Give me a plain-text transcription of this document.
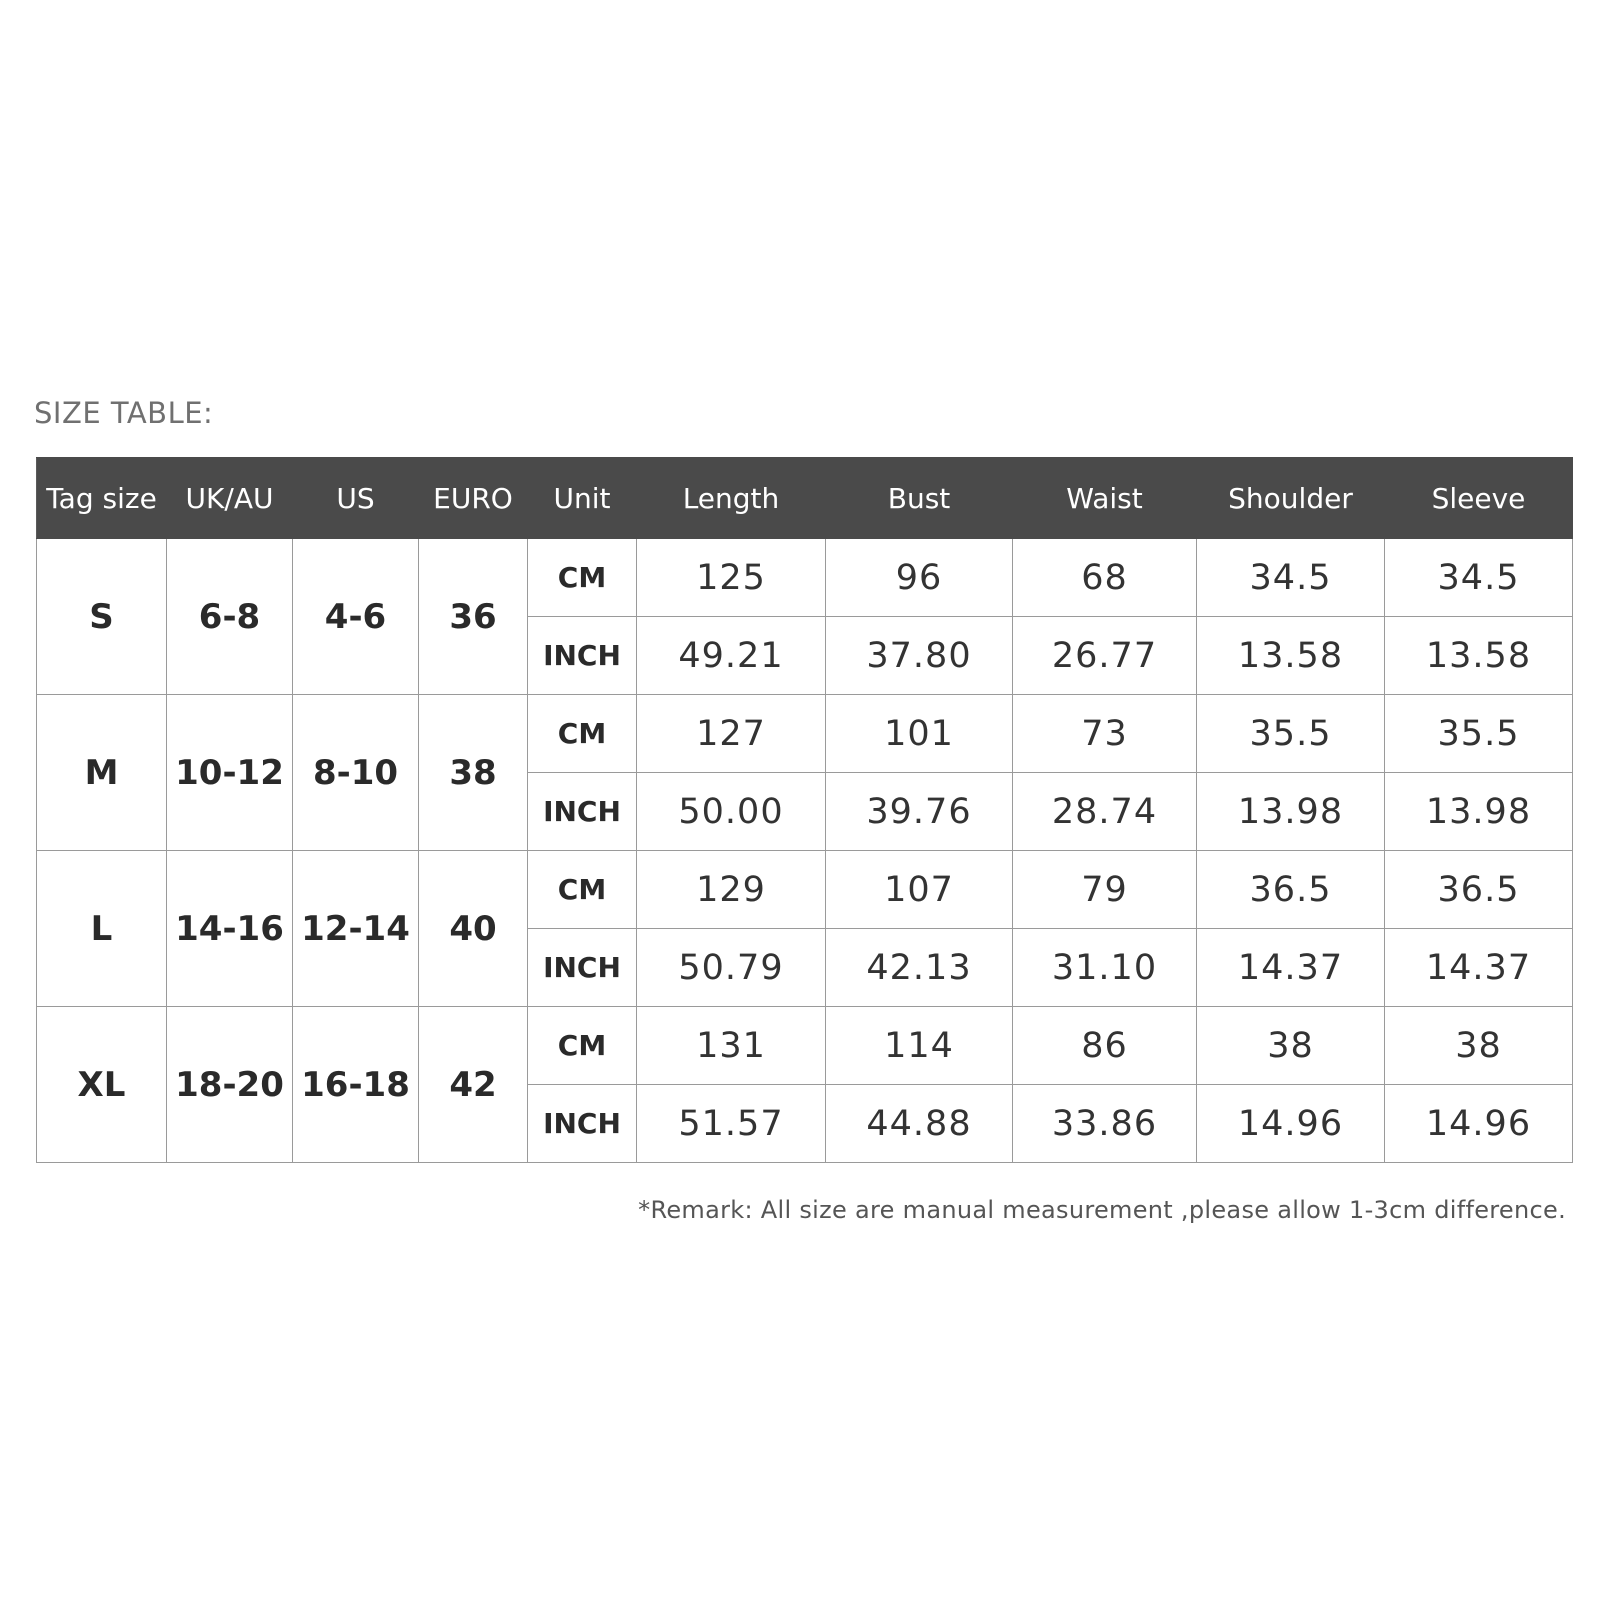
SIZE TABLE:
Tag size	UK/AU	US	EURO	Unit	Length	Bust	Waist	Shoulder	Sleeve
S	6-8	4-6	36	CM	125	96	68	34.5	34.5
				INCH	49.21	37.80	26.77	13.58	13.58
M	10-12	8-10	38	CM	127	101	73	35.5	35.5
				INCH	50.00	39.76	28.74	13.98	13.98
L	14-16	12-14	40	CM	129	107	79	36.5	36.5
				INCH	50.79	42.13	31.10	14.37	14.37
XL	18-20	16-18	42	CM	131	114	86	38	38
				INCH	51.57	44.88	33.86	14.96	14.96
*Remark: All size are manual measurement ,please allow 1-3cm difference.
